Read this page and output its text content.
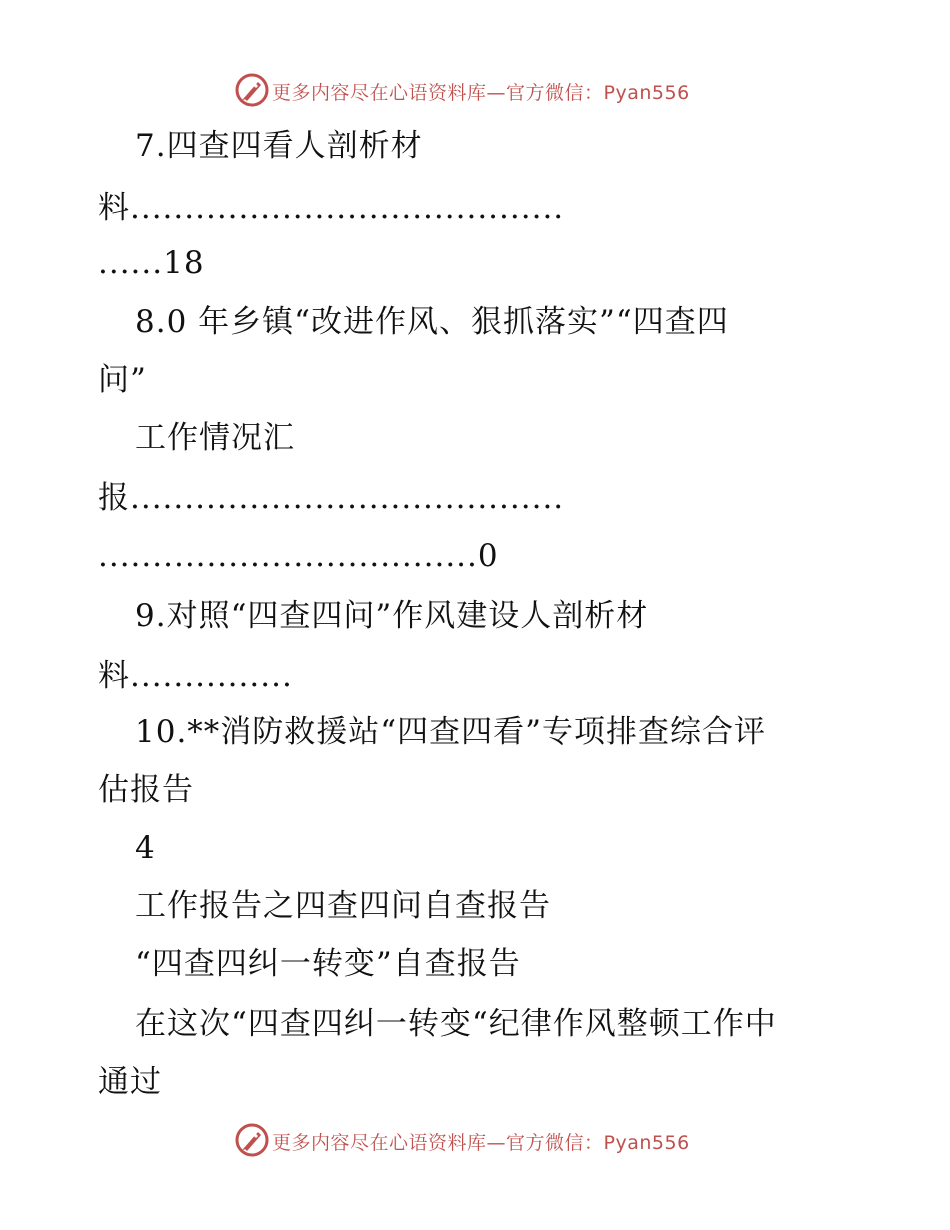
更多内容尽在心语资料库—官方微信：Pyan556
7.四查四看人剖析材
料........................................
......18
8.0 年乡镇“改进作风、狠抓落实”“四查四
问”
工作情况汇
报........................................
...................................0
9.对照“四查四问”作风建设人剖析材
料...............
10.**消防救援站“四查四看”专项排查综合评
估报告
4
工作报告之四查四问自查报告
“四查四纠一转变”自查报告
在这次“四查四纠一转变“纪律作风整顿工作中
通过
更多内容尽在心语资料库—官方微信：Pyan556
